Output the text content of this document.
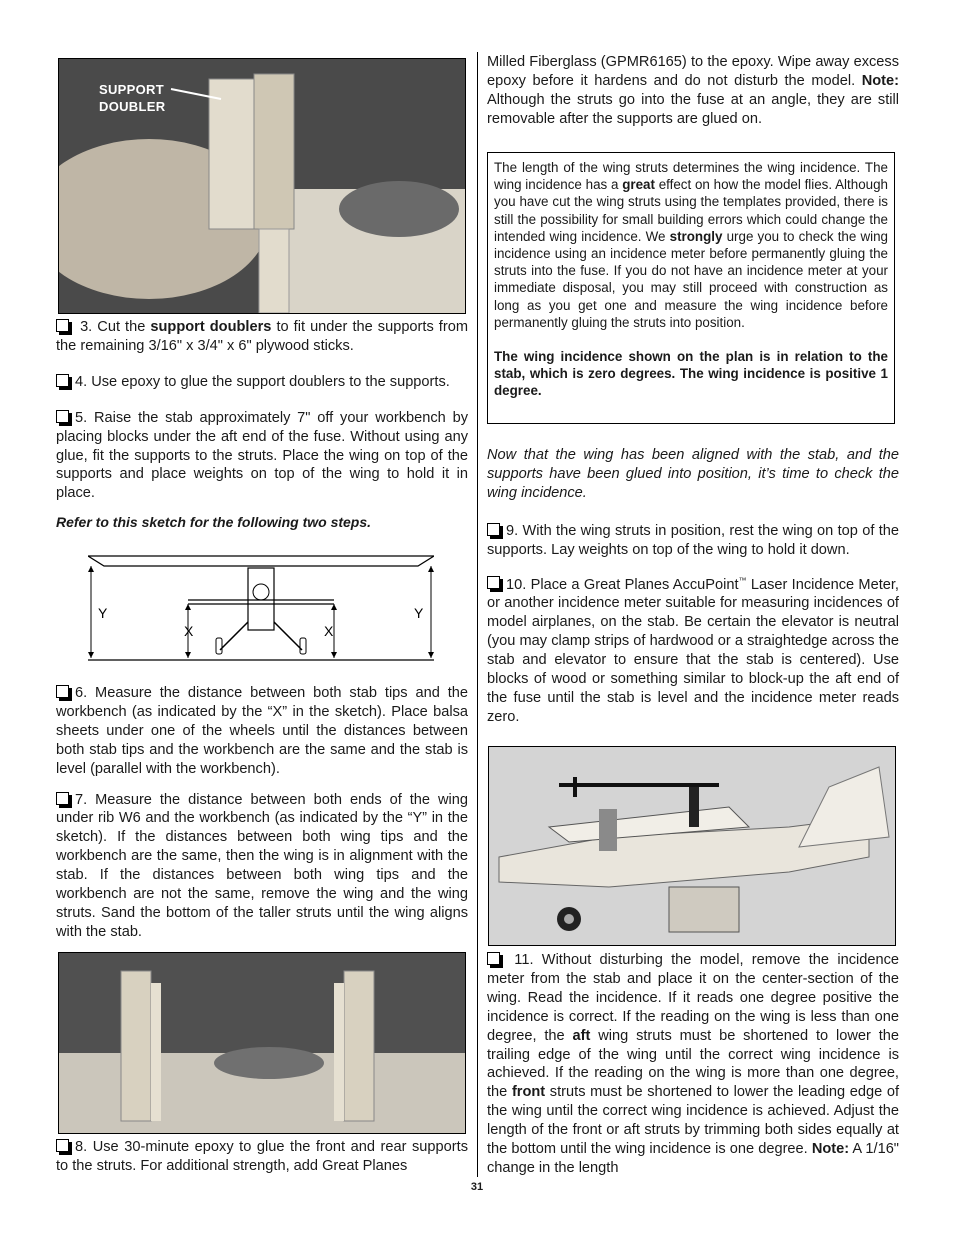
SUPPORT
DOUBLER

3. Cut the support doublers to fit under the supports from the remaining 3/16" x 3/4" x 6" plywood sticks.

4. Use epoxy to glue the support doublers to the supports.

5. Raise the stab approximately 7" off your workbench by placing blocks under the aft end of the fuse. Without using any glue, fit the supports to the struts. Place the wing on top of the supports and place weights on top of the wing to hold it in place.

Refer to this sketch for the following two steps.

Y	Y
X	X

6. Measure the distance between both stab tips and the workbench (as indicated by the “X” in the sketch). Place balsa sheets under one of the wheels until the distances between both stab tips and the workbench are the same and the stab is level (parallel with the workbench).

7. Measure the distance between both ends of the wing under rib W6 and the workbench (as indicated by the “Y” in the sketch). If the distances between both wing tips and the workbench are the same, then the wing is in alignment with the stab. If the distances between both wing tips and the workbench are not the same, remove the wing and the wing struts. Sand the bottom of the taller struts until the wing aligns with the stab.

8. Use 30-minute epoxy to glue the front and rear supports to the struts. For additional strength, add Great Planes

Milled Fiberglass (GPMR6165) to the epoxy. Wipe away excess epoxy before it hardens and do not disturb the model. Note: Although the struts go into the fuse at an angle, they are still removable after the supports are glued on.

The length of the wing struts determines the wing incidence. The wing incidence has a great effect on how the model flies. Although you have cut the wing struts using the templates provided, there is still the possibility for small building errors which could change the intended wing incidence. We strongly urge you to check the wing incidence using an incidence meter before permanently gluing the struts into the fuse. If you do not have an incidence meter at your immediate disposal, you may still proceed with construction as long as you get one and measure the wing incidence before permanently gluing the struts into position.

The wing incidence shown on the plan is in relation to the stab, which is zero degrees. The wing incidence is positive 1 degree.

Now that the wing has been aligned with the stab, and the supports have been glued into position, it’s time to check the wing incidence.

9. With the wing struts in position, rest the wing on top of the supports. Lay weights on top of the wing to hold it down.

10. Place a Great Planes AccuPoint™ Laser Incidence Meter, or another incidence meter suitable for measuring incidences of model airplanes, on the stab. Be certain the elevator is neutral (you may clamp strips of hardwood or a straightedge across the stab and elevator to ensure that the stab is centered). Use blocks of wood or something similar to block-up the aft end of the fuse until the stab is level and the incidence meter reads zero.

11. Without disturbing the model, remove the incidence meter from the stab and place it on the center-section of the wing. Read the incidence. If it reads one degree positive the incidence is correct. If the reading on the wing is less than one degree, the aft wing struts must be shortened to lower the trailing edge of the wing until the correct wing incidence is achieved. If the reading on the wing is more than one degree, the front struts must be shortened to lower the leading edge of the wing until the correct wing incidence is achieved. Adjust the length of the front or aft struts by trimming both sides equally at the bottom until the wing incidence is one degree. Note: A 1/16" change in the length

31
